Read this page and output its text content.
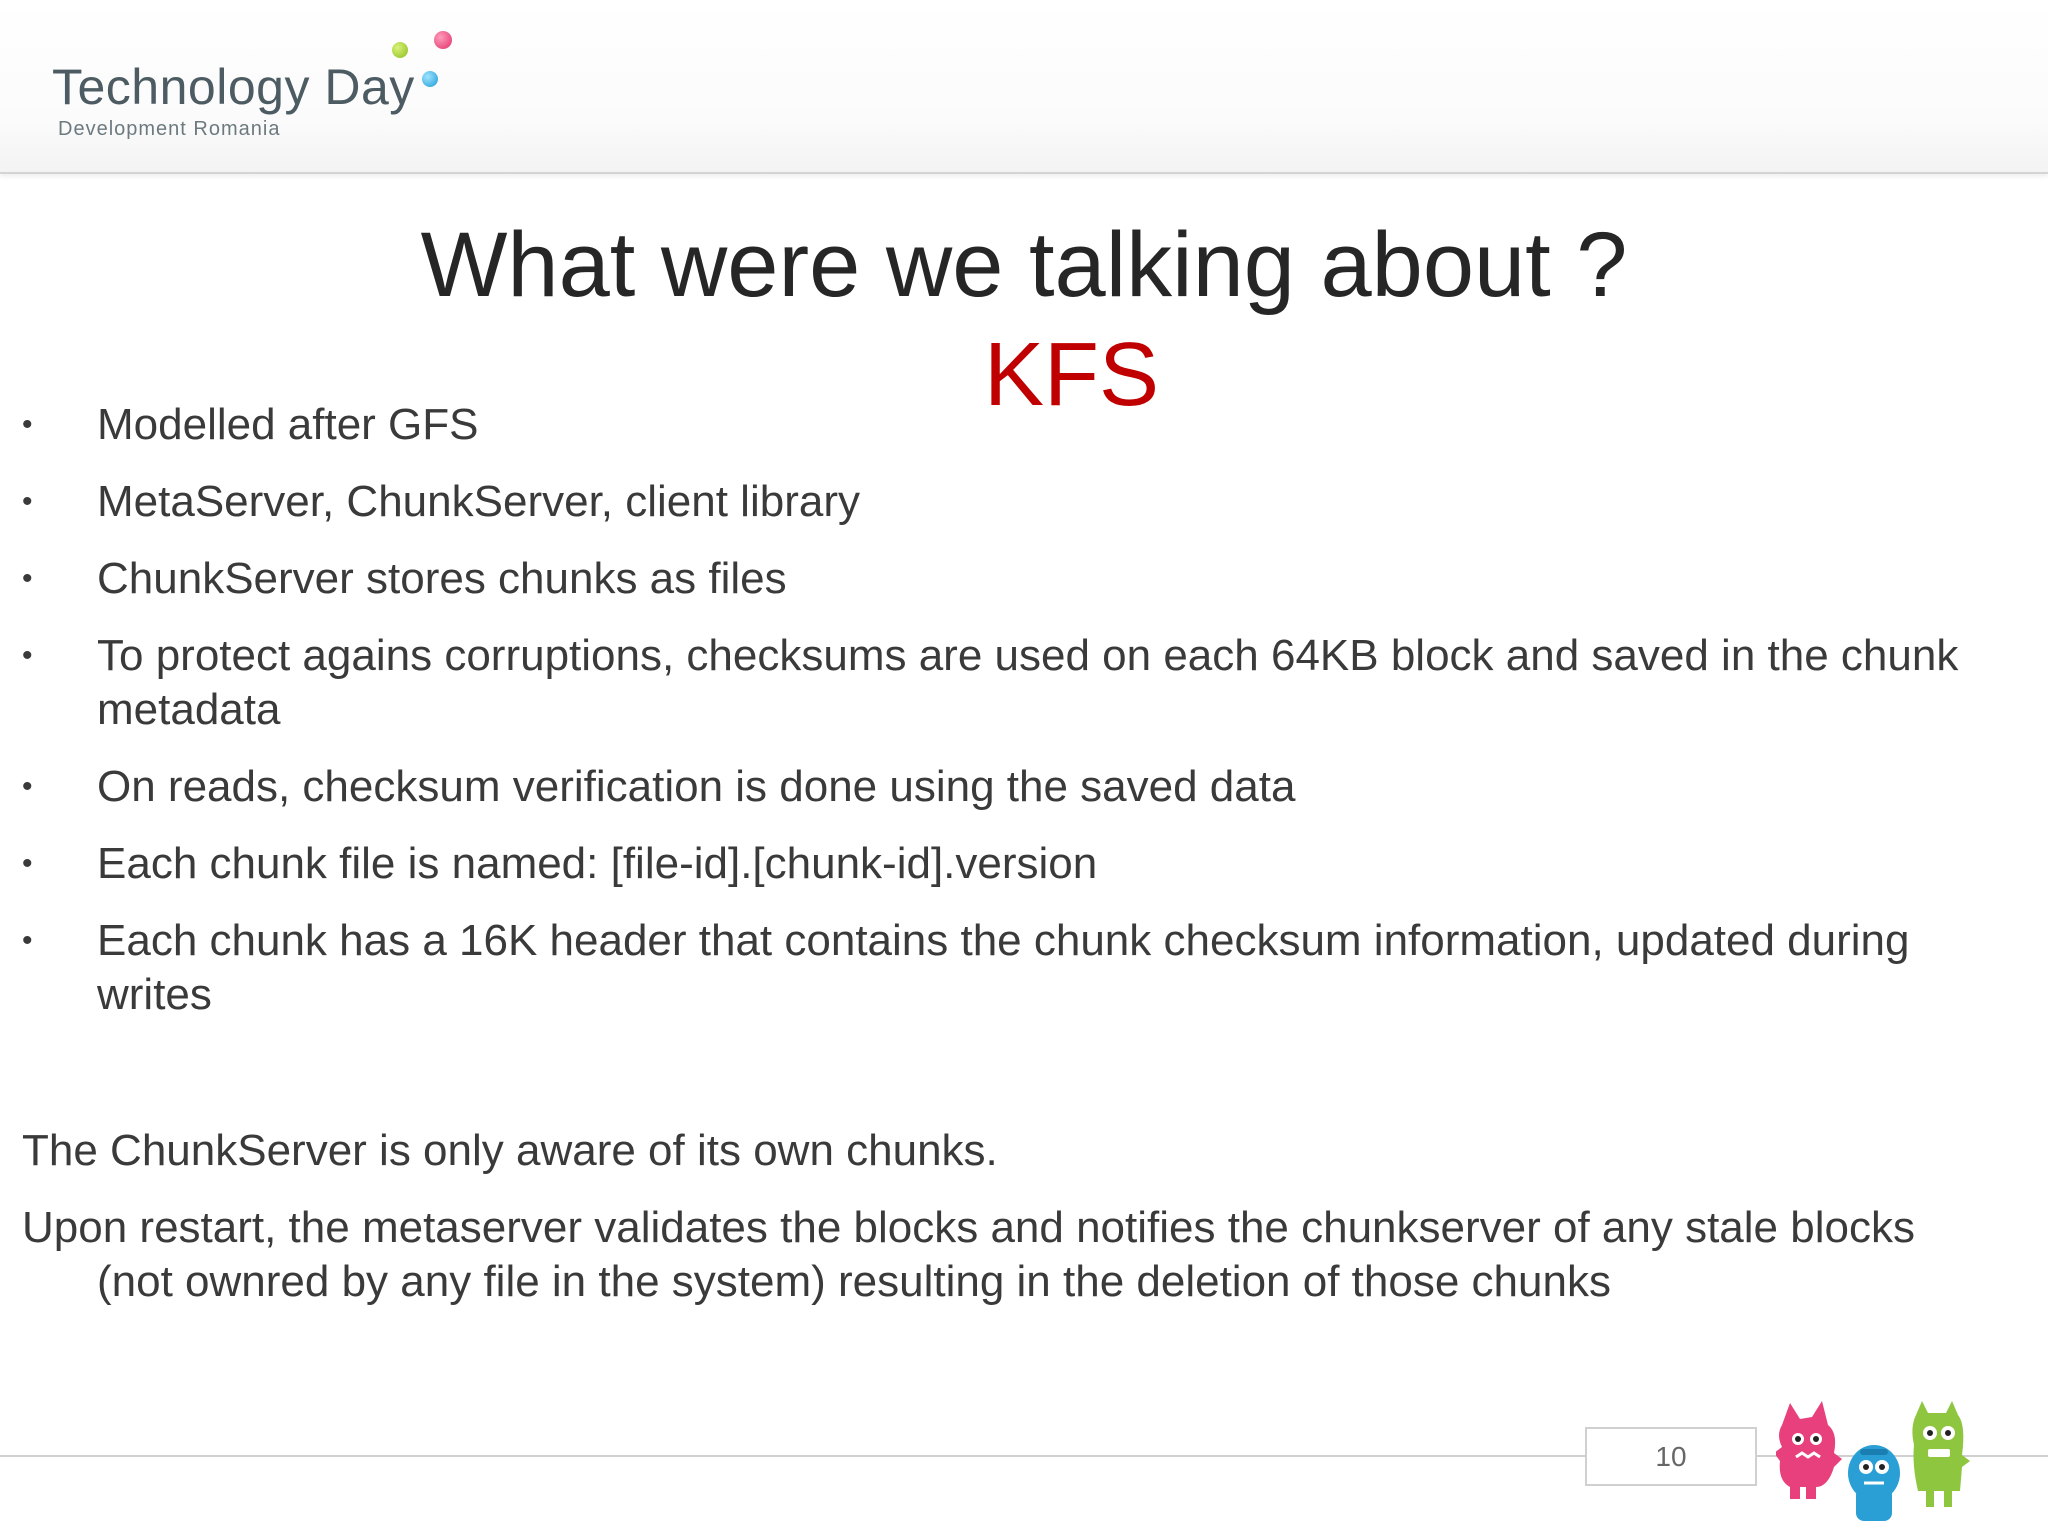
Technology Day
Development Romania
What were we talking about ?
KFS
• Modelled after GFS
• MetaServer, ChunkServer, client library
• ChunkServer stores chunks as files
• To protect agains corruptions, checksums are used on each 64KB block and saved in the chunk metadata
• On reads, checksum verification is done using the saved data
• Each chunk file is named: [file-id].[chunk-id].version
• Each chunk has a 16K header that contains the chunk checksum information, updated during writes
The ChunkServer is only aware of its own chunks.
Upon restart, the metaserver validates the blocks and notifies the chunkserver of any stale blocks (not ownred by any file in the system) resulting in the deletion of those chunks
10
